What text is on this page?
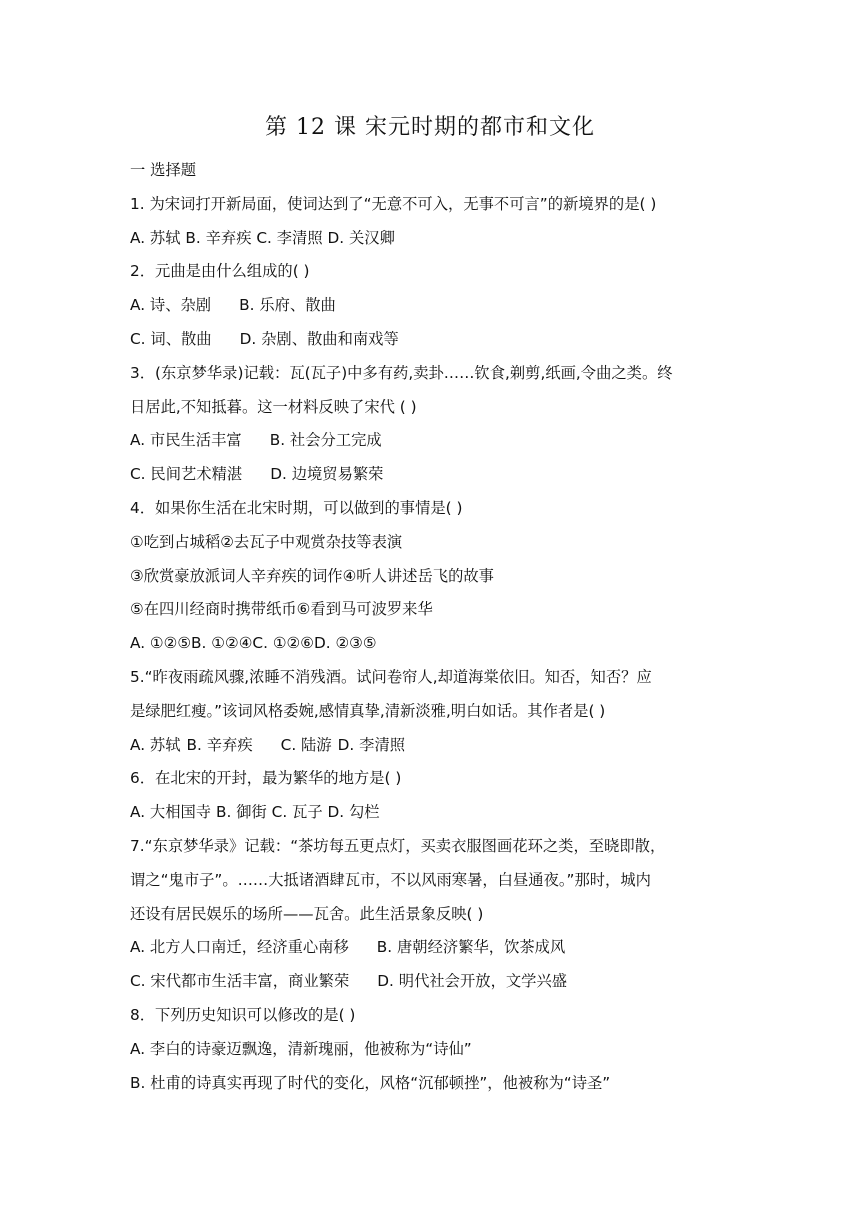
第 12 课 宋元时期的都市和文化
一 选择题
1. 为宋词打开新局面，使词达到了“无意不可入，无事不可言”的新境界的是( )
A. 苏轼 B. 辛弃疾 C. 李清照 D. 关汉卿
2．元曲是由什么组成的( )
A. 诗、杂剧 B. 乐府、散曲
C. 词、散曲 D. 杂剧、散曲和南戏等
3．(东京梦华录)记载：瓦(瓦子)中多有药,卖卦……钦食,剃剪,纸画,令曲之类。终
日居此,不知抵暮。这一材料反映了宋代 ( )
A. 市民生活丰富 B. 社会分工完成
C. 民间艺术精湛 D. 边境贸易繁荣
4．如果你生活在北宋时期，可以做到的事情是( )
①吃到占城稻②去瓦子中观赏杂技等表演
③欣赏豪放派词人辛弃疾的词作④听人讲述岳飞的故事
⑤在四川经商时携带纸币⑥看到马可波罗来华
A. ①②⑤B. ①②④C. ①②⑥D. ②③⑤
5.“昨夜雨疏风骤,浓睡不消残酒。试问卷帘人,却道海棠依旧。知否，知否？应
是绿肥红瘦。”该词风格委婉,感情真挚,清新淡雅,明白如话。其作者是( )
A. 苏轼 B. 辛弃疾 C. 陆游 D. 李清照
6．在北宋的开封，最为繁华的地方是( )
A. 大相国寺 B. 御街 C. 瓦子 D. 勾栏
7.“东京梦华录》记载：“茶坊每五更点灯，买卖衣服图画花环之类，至晓即散，
谓之“鬼市子”。……大抵诸酒肆瓦市，不以风雨寒暑，白昼通夜。”那时，城内
还设有居民娱乐的场所——瓦舍。此生活景象反映( )
A. 北方人口南迁，经济重心南移 B. 唐朝经济繁华，饮茶成风
C. 宋代都市生活丰富，商业繁荣 D. 明代社会开放，文学兴盛
8．下列历史知识可以修改的是( )
A. 李白的诗豪迈飘逸，清新瑰丽，他被称为“诗仙”
B. 杜甫的诗真实再现了时代的变化，风格“沉郁顿挫”，他被称为“诗圣”
